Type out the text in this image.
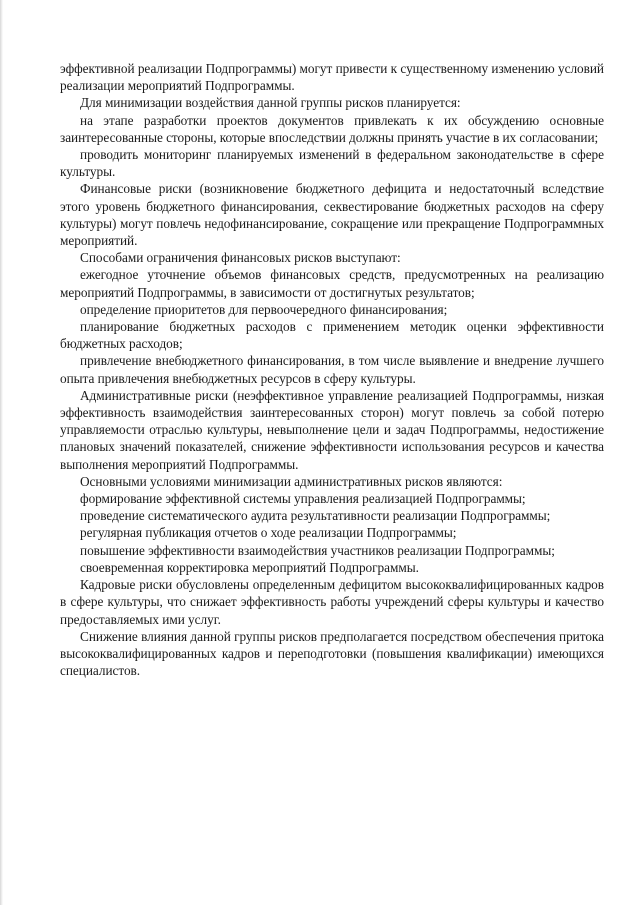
эффективной реализации Подпрограммы) могут привести к существенному изменению условий реализации мероприятий Подпрограммы.

Для минимизации воздействия данной группы рисков планируется:

на этапе разработки проектов документов привлекать к их обсуждению основные заинтересованные стороны, которые впоследствии должны принять участие в их согласовании;

проводить мониторинг планируемых изменений в федеральном законодательстве в сфере культуры.

Финансовые риски (возникновение бюджетного дефицита и недостаточный вследствие этого уровень бюджетного финансирования, секвестирование бюджетных расходов на сферу культуры) могут повлечь недофинансирование, сокращение или прекращение Подпрограммных мероприятий.

Способами ограничения финансовых рисков выступают:

ежегодное уточнение объемов финансовых средств, предусмотренных на реализацию мероприятий Подпрограммы, в зависимости от достигнутых результатов;

определение приоритетов для первоочередного финансирования;

планирование бюджетных расходов с применением методик оценки эффективности бюджетных расходов;

привлечение внебюджетного финансирования, в том числе выявление и внедрение лучшего опыта привлечения внебюджетных ресурсов в сферу культуры.

Административные риски (неэффективное управление реализацией Подпрограммы, низкая эффективность взаимодействия заинтересованных сторон) могут повлечь за собой потерю управляемости отраслью культуры, невыполнение цели и задач Подпрограммы, недостижение плановых значений показателей, снижение эффективности использования ресурсов и качества выполнения мероприятий Подпрограммы.

Основными условиями минимизации административных рисков являются:

формирование эффективной системы управления реализацией Подпрограммы;

проведение систематического аудита результативности реализации Подпрограммы;

регулярная публикация отчетов о ходе реализации Подпрограммы;

повышение эффективности взаимодействия участников реализации Подпрограммы;

своевременная корректировка мероприятий Подпрограммы.

Кадровые риски обусловлены определенным дефицитом высококвалифицированных кадров в сфере культуры, что снижает эффективность работы учреждений сферы культуры и качество предоставляемых ими услуг.

Снижение влияния данной группы рисков предполагается посредством обеспечения притока высококвалифицированных кадров и переподготовки (повышения квалификации) имеющихся специалистов.
